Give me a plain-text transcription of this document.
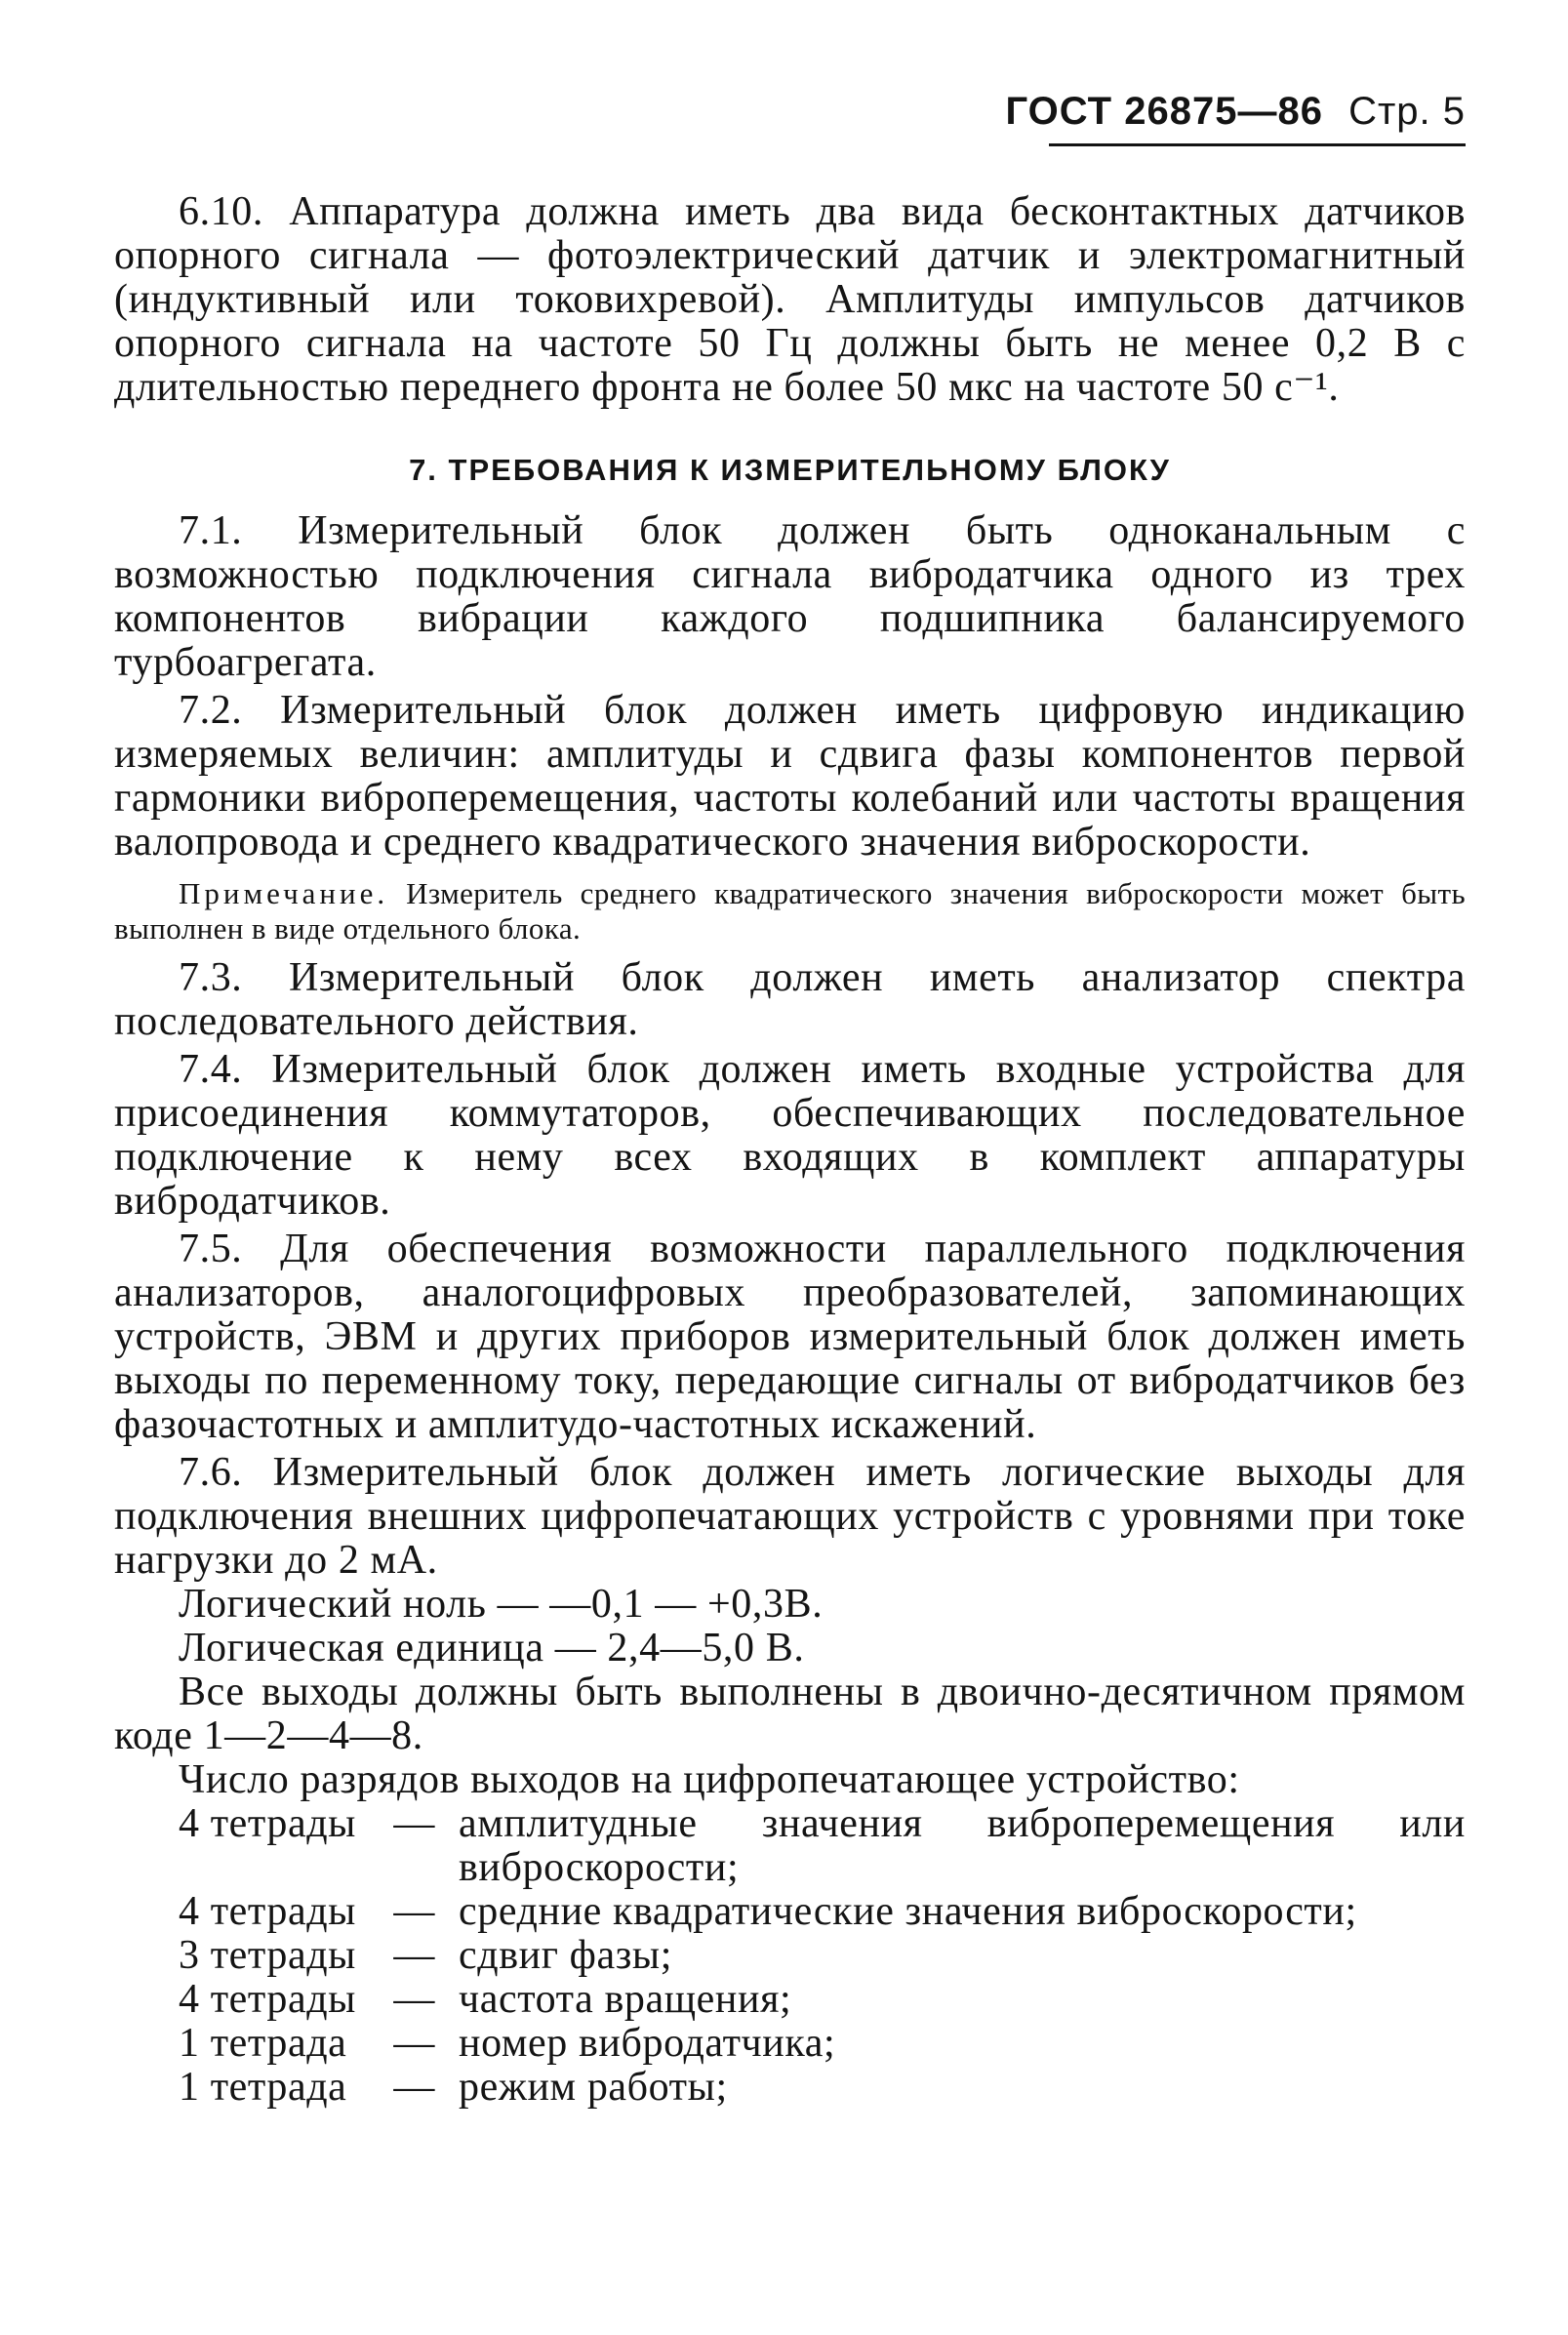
ГОСТ 26875—86 Стр. 5

6.10. Аппаратура должна иметь два вида бесконтактных датчиков опорного сигнала — фотоэлектрический датчик и электромагнитный (индуктивный или токовихревой). Амплитуды импульсов датчиков опорного сигнала на частоте 50 Гц должны быть не менее 0,2 В с длительностью переднего фронта не более 50 мкс на частоте 50 с⁻¹.

7. ТРЕБОВАНИЯ К ИЗМЕРИТЕЛЬНОМУ БЛОКУ

7.1. Измерительный блок должен быть одноканальным с возможностью подключения сигнала вибродатчика одного из трех компонентов вибрации каждого подшипника балансируемого турбоагрегата.

7.2. Измерительный блок должен иметь цифровую индикацию измеряемых величин: амплитуды и сдвига фазы компонентов первой гармоники виброперемещения, частоты колебаний или частоты вращения валопровода и среднего квадратического значения виброскорости.

Примечание. Измеритель среднего квадратического значения виброскорости может быть выполнен в виде отдельного блока.

7.3. Измерительный блок должен иметь анализатор спектра последовательного действия.

7.4. Измерительный блок должен иметь входные устройства для присоединения коммутаторов, обеспечивающих последовательное подключение к нему всех входящих в комплект аппаратуры вибродатчиков.

7.5. Для обеспечения возможности параллельного подключения анализаторов, аналогоцифровых преобразователей, запоминающих устройств, ЭВМ и других приборов измерительный блок должен иметь выходы по переменному току, передающие сигналы от вибродатчиков без фазочастотных и амплитудо-частотных искажений.

7.6. Измерительный блок должен иметь логические выходы для подключения внешних цифропечатающих устройств с уровнями при токе нагрузки до 2 мА.

Логический ноль — —0,1 — +0,3В.

Логическая единица — 2,4—5,0 В.

Все выходы должны быть выполнены в двоично-десятичном прямом коде 1—2—4—8.

Число разрядов выходов на цифропечатающее устройство:

4 тетрады — амплитудные значения виброперемещения или виброскорости;
4 тетрады — средние квадратические значения виброскорости;
3 тетрады — сдвиг фазы;
4 тетрады — частота вращения;
1 тетрада — номер вибродатчика;
1 тетрада — режим работы;
